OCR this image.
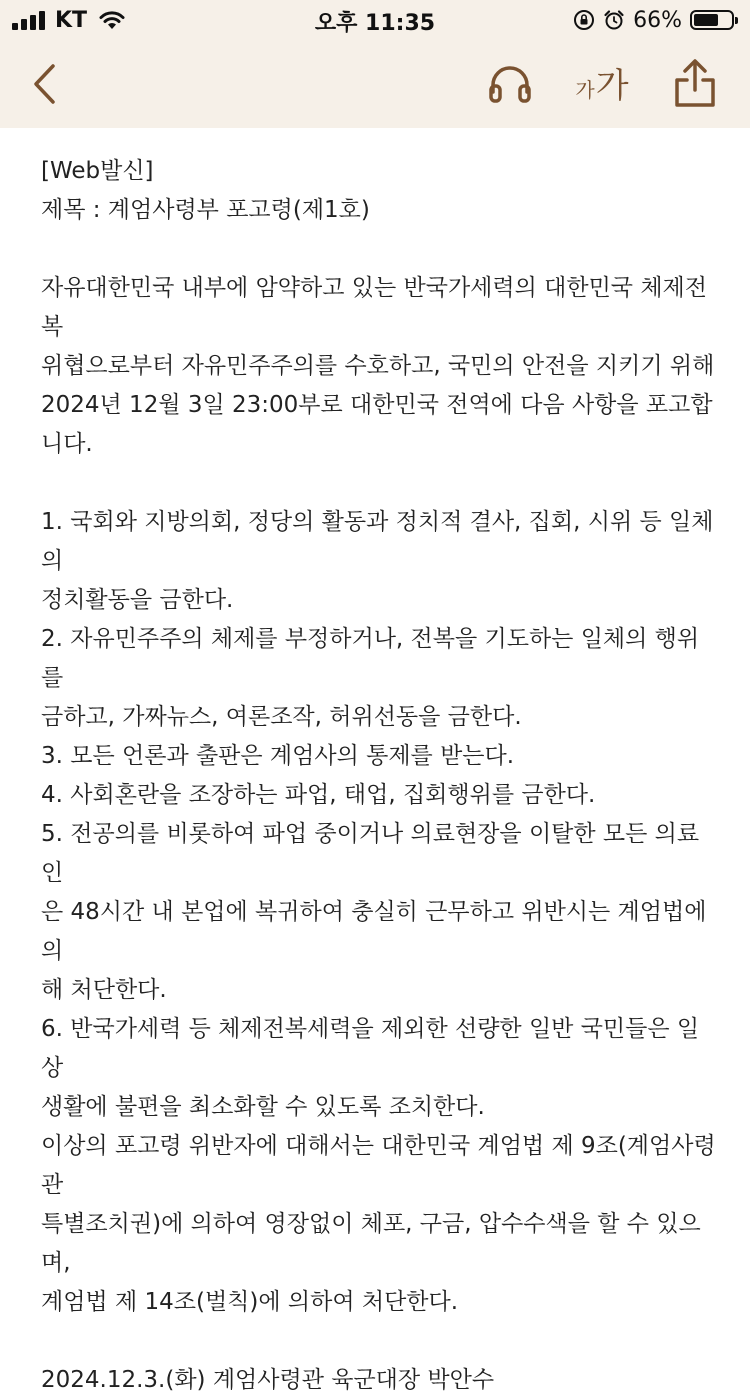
KT	오후 11:35	66%
가 가

[Web발신]

제목 : 계엄사령부 포고령(제1호)

자유대한민국 내부에 암약하고 있는 반국가세력의 대한민국 체제전복

위협으로부터 자유민주주의를 수호하고, 국민의 안전을 지키기 위해

2024년 12월 3일 23:00부로 대한민국 전역에 다음 사항을 포고합

니다.

1. 국회와 지방의회, 정당의 활동과 정치적 결사, 집회, 시위 등 일체의

정치활동을 금한다.

2. 자유민주주의 체제를 부정하거나, 전복을 기도하는 일체의 행위를

금하고, 가짜뉴스, 여론조작, 허위선동을 금한다.

3. 모든 언론과 출판은 계엄사의 통제를 받는다.

4. 사회혼란을 조장하는 파업, 태업, 집회행위를 금한다.

5. 전공의를 비롯하여 파업 중이거나 의료현장을 이탈한 모든 의료인

은 48시간 내 본업에 복귀하여 충실히 근무하고 위반시는 계엄법에 의

해 처단한다.

6. 반국가세력 등 체제전복세력을 제외한 선량한 일반 국민들은 일상

생활에 불편을 최소화할 수 있도록 조치한다.

이상의 포고령 위반자에 대해서는 대한민국 계엄법 제 9조(계엄사령관

특별조치권)에 의하여 영장없이 체포, 구금, 압수수색을 할 수 있으며,

계엄법 제 14조(벌칙)에 의하여 처단한다.

2024.12.3.(화) 계엄사령관 육군대장 박안수
